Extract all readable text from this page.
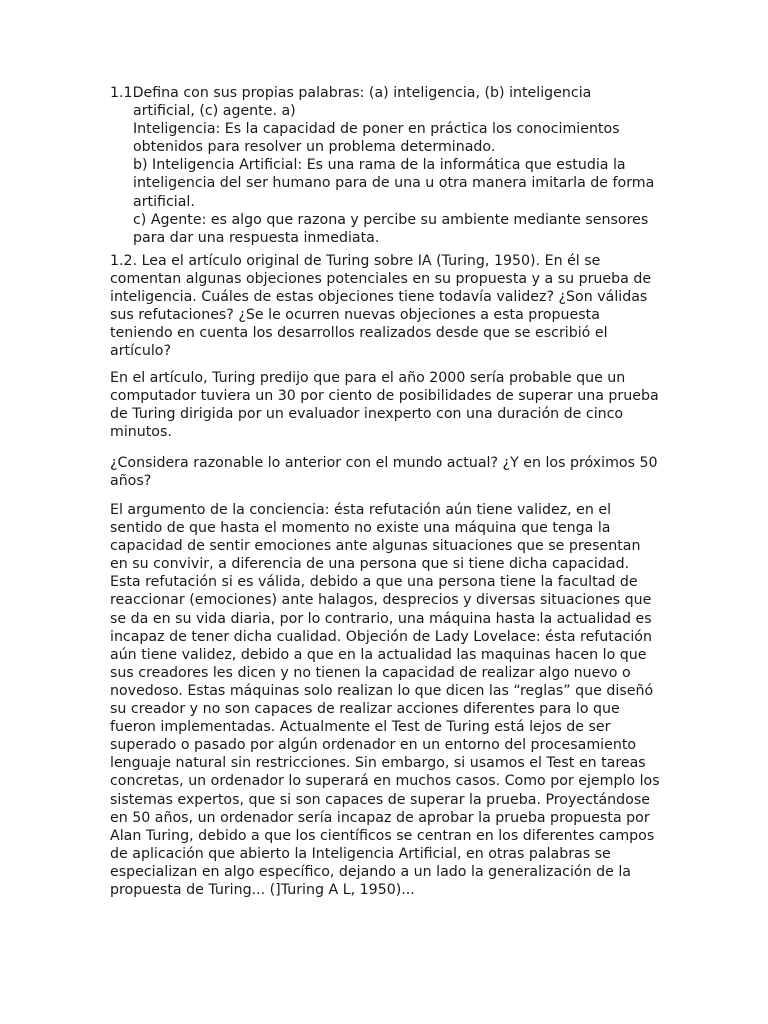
1.1Defina con sus propias palabras: (a) inteligencia, (b) inteligencia

artificial, (c) agente. a)

Inteligencia: Es la capacidad de poner en práctica los conocimientos obtenidos para resolver un problema determinado.

b) Inteligencia Artificial: Es una rama de la informática que estudia la inteligencia del ser humano para de una u otra manera imitarla de forma artificial.

c) Agente: es algo que razona y percibe su ambiente mediante sensores para dar una respuesta inmediata.

1.2. Lea el artículo original de Turing sobre IA (Turing, 1950). En él se comentan algunas objeciones potenciales en su propuesta y a su prueba de inteligencia. Cuáles de estas objeciones tiene todavía validez? ¿Son válidas sus refutaciones? ¿Se le ocurren nuevas objeciones a esta propuesta teniendo en cuenta los desarrollos realizados desde que se escribió el artículo?

En el artículo, Turing predijo que para el año 2000 sería probable que un computador tuviera un 30 por ciento de posibilidades de superar una prueba de Turing dirigida por un evaluador inexperto con una duración de cinco minutos.

¿Considera razonable lo anterior con el mundo actual? ¿Y en los próximos 50 años?

El argumento de la conciencia: ésta refutación aún tiene validez, en el sentido de que hasta el momento no existe una máquina que tenga la capacidad de sentir emociones ante algunas situaciones que se presentan en su convivir, a diferencia de una persona que si tiene dicha capacidad. Esta refutación si es válida, debido a que una persona tiene la facultad de reaccionar (emociones) ante halagos, desprecios y diversas situaciones que se da en su vida diaria, por lo contrario, una máquina hasta la actualidad es incapaz de tener dicha cualidad. Objeción de Lady Lovelace: ésta refutación aún tiene validez, debido a que en la actualidad las maquinas hacen lo que sus creadores les dicen y no tienen la capacidad de realizar algo nuevo o novedoso. Estas máquinas solo realizan lo que dicen las “reglas” que diseñó su creador y no son capaces de realizar acciones diferentes para lo que fueron implementadas. Actualmente el Test de Turing está lejos de ser superado o pasado por algún ordenador en un entorno del procesamiento lenguaje natural sin restricciones. Sin embargo, si usamos el Test en tareas concretas, un ordenador lo superará en muchos casos. Como por ejemplo los sistemas expertos, que si son capaces de superar la prueba. Proyectándose en 50 años, un ordenador sería incapaz de aprobar la prueba propuesta por Alan Turing, debido a que los científicos se centran en los diferentes campos de aplicación que abierto la Inteligencia Artificial, en otras palabras se especializan en algo específico, dejando a un lado la generalización de la propuesta de Turing... (]Turing A L, 1950)...
